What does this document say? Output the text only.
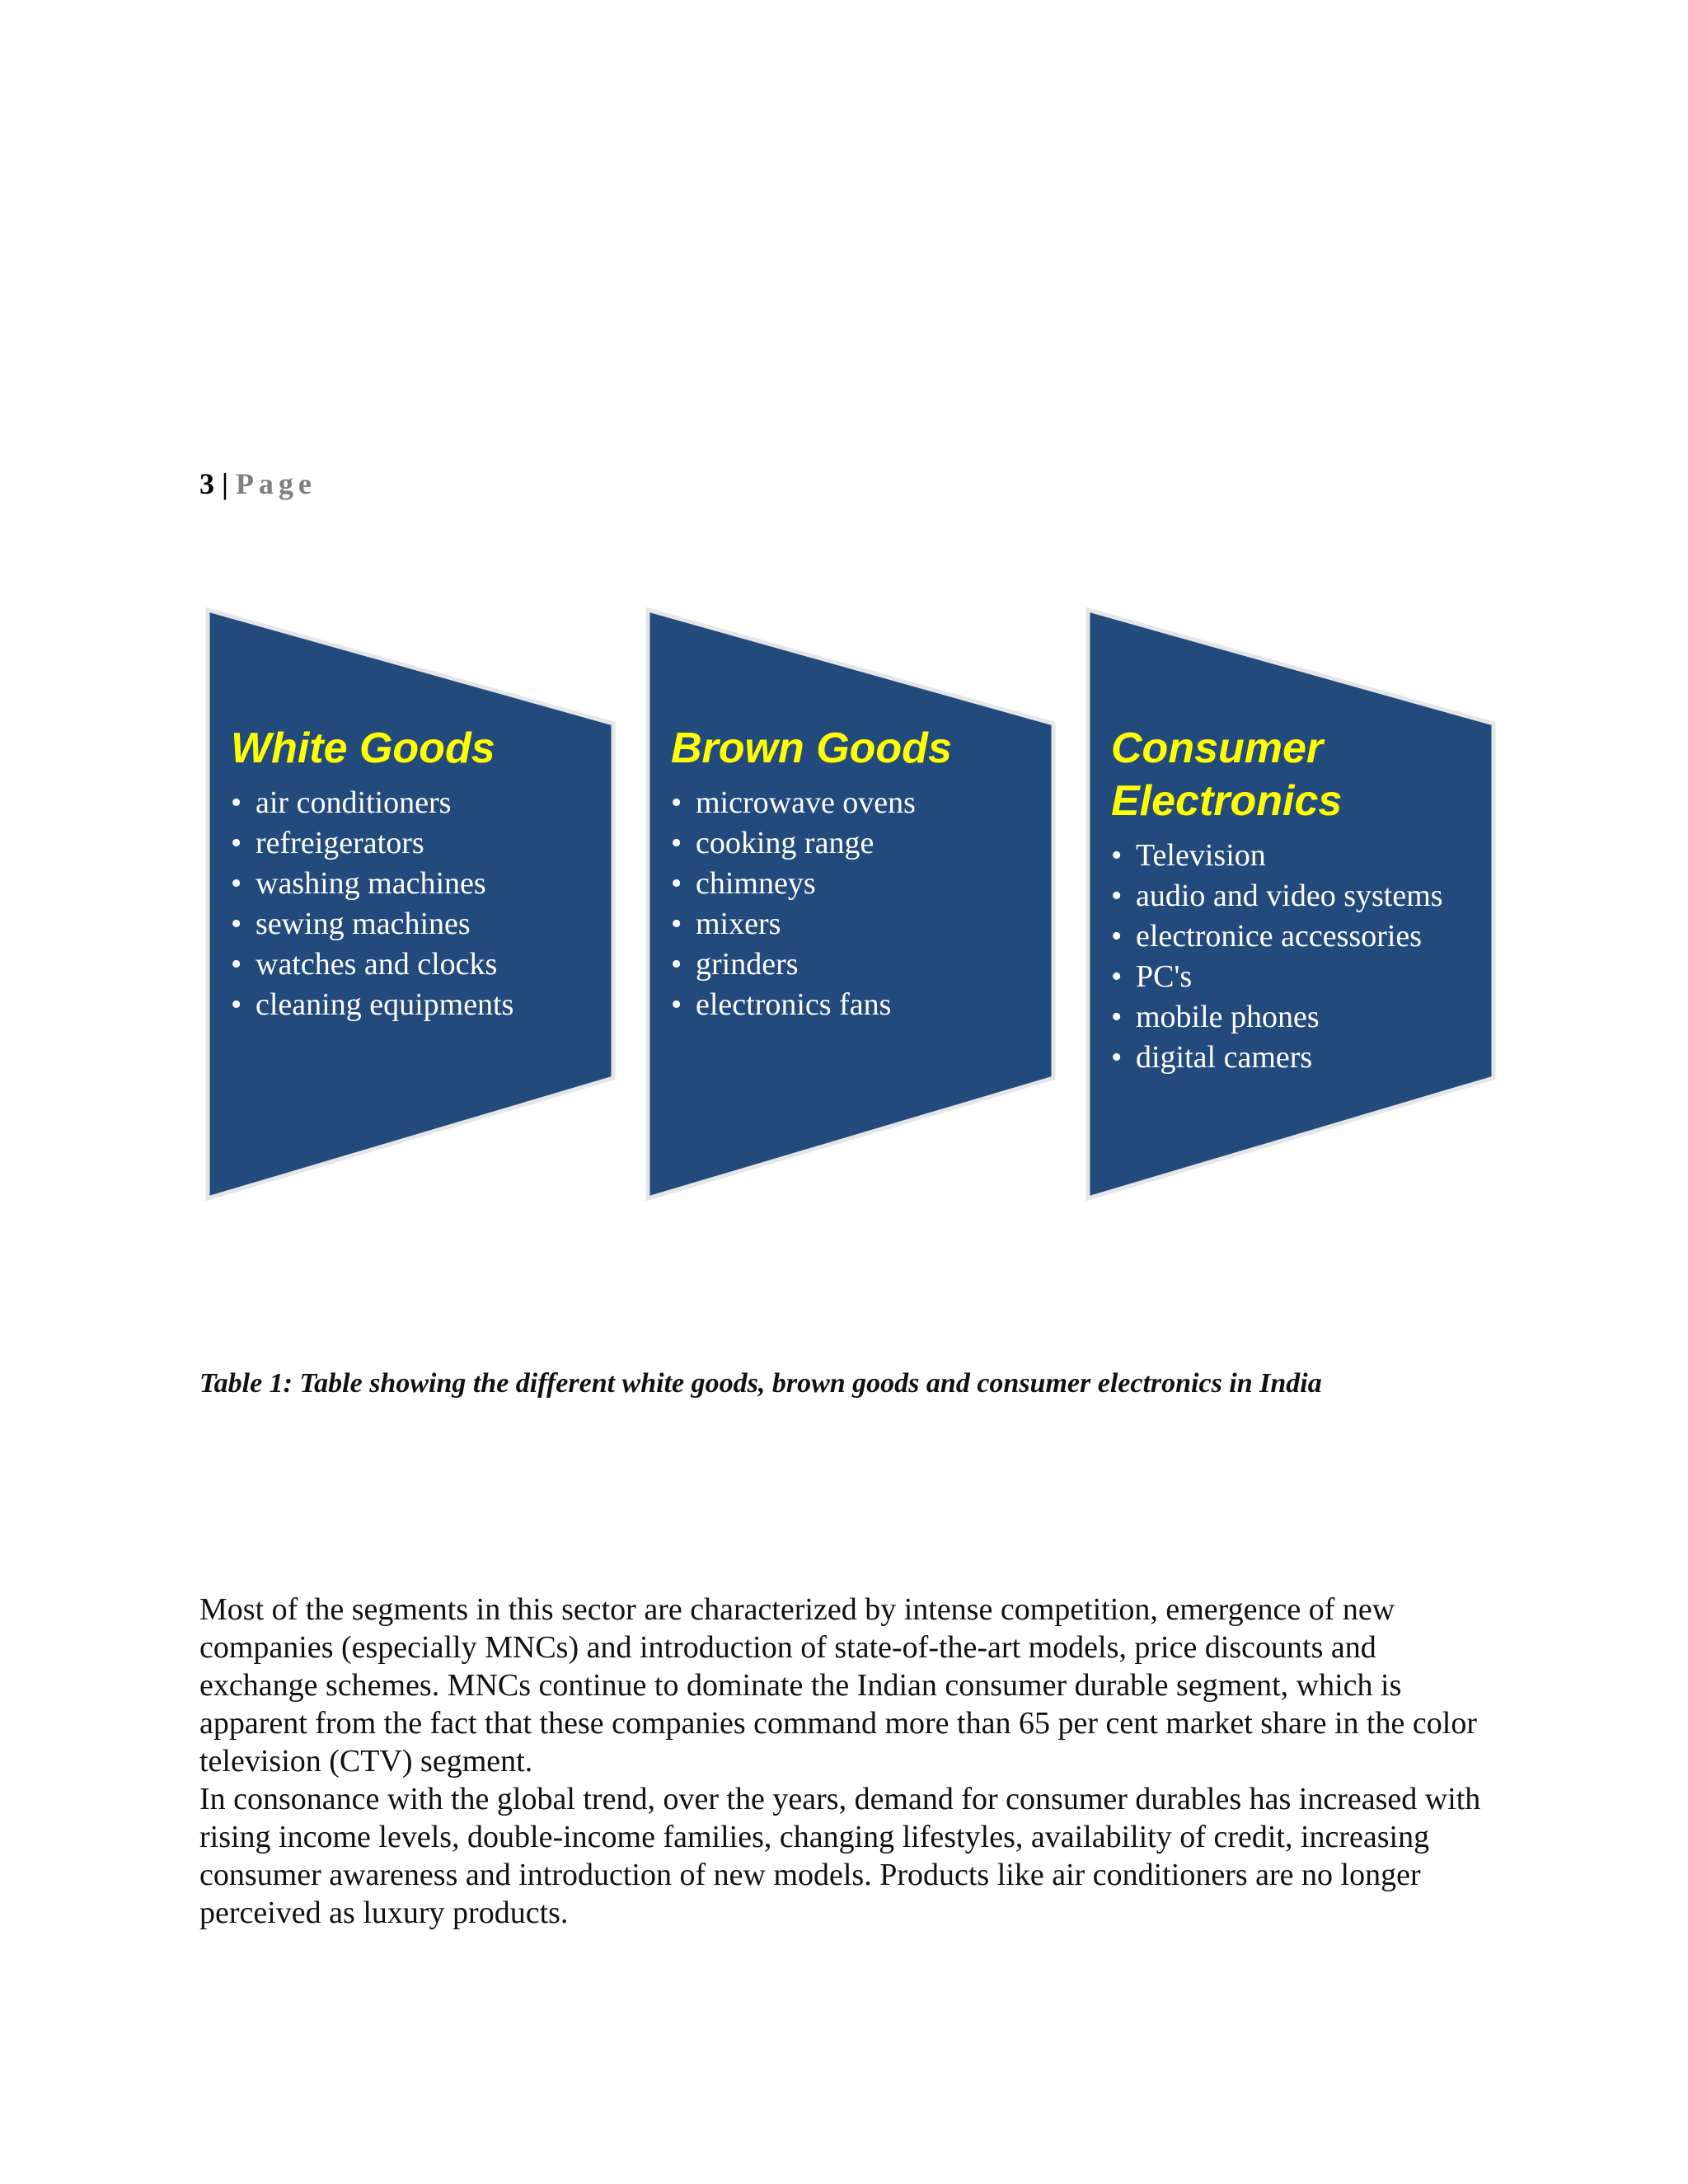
3 | Page
White Goods
• air conditioners
• refreigerators
• washing machines
• sewing machines
• watches and clocks
• cleaning equipments
Brown Goods
• microwave ovens
• cooking range
• chimneys
• mixers
• grinders
• electronics fans
Consumer
Electronics
• Television
• audio and video systems
• electronice accessories
• PC's
• mobile phones
• digital camers
Table 1: Table showing the different white goods, brown goods and consumer electronics in India

Most of the segments in this sector are characterized by intense competition, emergence of new companies (especially MNCs) and introduction of state-of-the-art models, price discounts and exchange schemes. MNCs continue to dominate the Indian consumer durable segment, which is apparent from the fact that these companies command more than 65 per cent market share in the color television (CTV) segment.

In consonance with the global trend, over the years, demand for consumer durables has increased with rising income levels, double-income families, changing lifestyles, availability of credit, increasing consumer awareness and introduction of new models. Products like air conditioners are no longer perceived as luxury products.
